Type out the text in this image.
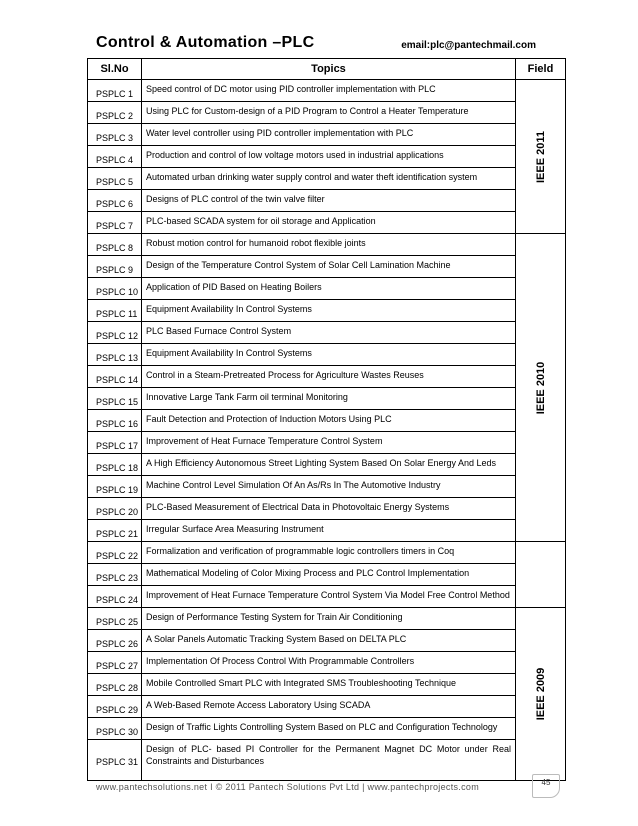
Control & Automation –PLC	email:plc@pantechmail.com
Sl.No	Topics	Field
PSPLC 1	Speed control of DC motor using PID controller implementation with PLC	IEEE 2011

PSPLC 2	Using PLC for Custom-design of a PID Program to Control a Heater Temperature	
PSPLC 3	Water level controller using PID controller implementation with PLC	
PSPLC 4	Production and control of low voltage motors used in industrial applications	
PSPLC 5	Automated urban drinking water supply control and water theft identification system	
PSPLC 6	Designs of PLC control of the twin valve filter	
PSPLC 7	PLC-based SCADA system for oil storage and Application	
PSPLC 8	Robust motion control for humanoid robot flexible joints	IEEE 2010

PSPLC 9	Design of the Temperature Control System of Solar Cell Lamination Machine	
PSPLC 10	Application of PID Based on Heating Boilers	
PSPLC 11	Equipment Availability In Control Systems	
PSPLC 12	PLC Based Furnace Control System	
PSPLC 13	Equipment Availability In Control Systems	
PSPLC 14	Control in a Steam-Pretreated Process for Agriculture Wastes Reuses	
PSPLC 15	Innovative Large Tank Farm oil terminal Monitoring	
PSPLC 16	Fault Detection and Protection of Induction Motors Using PLC	
PSPLC 17	Improvement of Heat Furnace Temperature Control System	
PSPLC 18	A High Efficiency Autonomous Street Lighting System Based On Solar Energy And Leds	
PSPLC 19	Machine Control Level Simulation Of An As/Rs In The Automotive Industry	
PSPLC 20	PLC-Based Measurement of Electrical Data in Photovoltaic Energy Systems	
PSPLC 21	Irregular Surface Area Measuring Instrument	
PSPLC 22	Formalization and verification of programmable logic controllers timers in Coq	

PSPLC 23	Mathematical Modeling of Color Mixing Process and PLC Control Implementation	
PSPLC 24	Improvement of Heat Furnace Temperature Control System Via Model Free Control Method	
PSPLC 25	Design of Performance Testing System for Train Air Conditioning	IEEE 2009

PSPLC 26	A Solar Panels Automatic Tracking System Based on DELTA PLC	
PSPLC 27	Implementation Of Process Control With Programmable Controllers	
PSPLC 28	Mobile Controlled Smart PLC with Integrated SMS Troubleshooting Technique	
PSPLC 29	A Web-Based Remote Access Laboratory Using SCADA	
PSPLC 30	Design of Traffic Lights Controlling System Based on PLC and Configuration Technology	
PSPLC 31	Design of PLC- based PI Controller for the Permanent Magnet DC Motor under Real Constraints and Disturbances	
www.pantechsolutions.net I © 2011 Pantech Solutions Pvt Ltd | www.pantechprojects.com	45
